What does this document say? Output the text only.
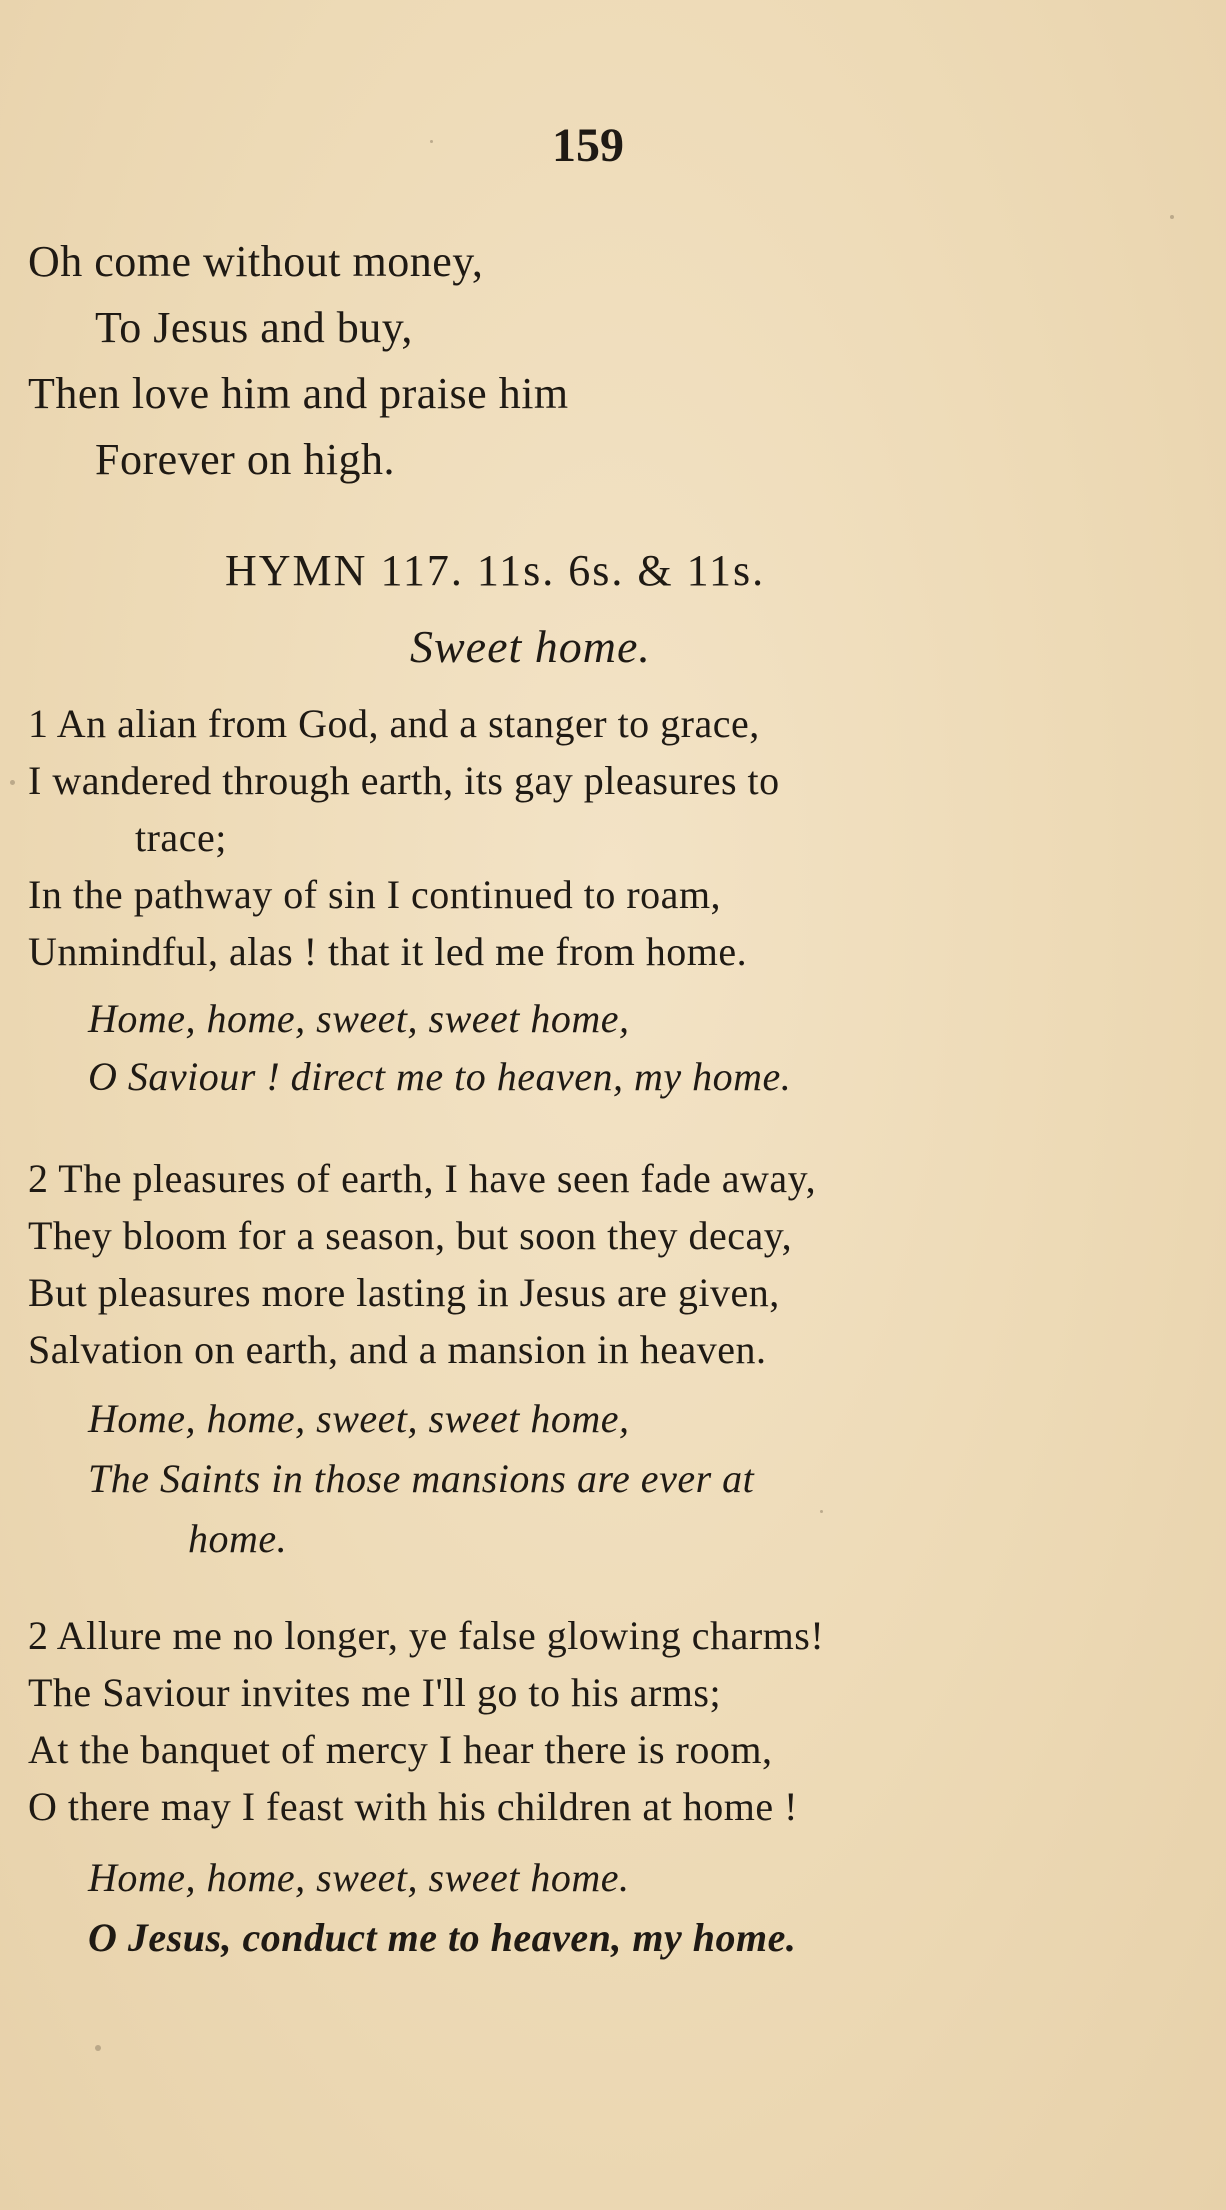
159
Oh come without money,
To Jesus and buy,
Then love him and praise him
Forever on high.
HYMN 117. 11s. 6s. & 11s.
Sweet home.
1 An alian from God, and a stanger to grace,
I wandered through earth, its gay pleasures to
trace;
In the pathway of sin I continued to roam,
Unmindful, alas ! that it led me from home.
Home, home, sweet, sweet home,
O Saviour ! direct me to heaven, my home.
2 The pleasures of earth, I have seen fade away,
They bloom for a season, but soon they decay,
But pleasures more lasting in Jesus are given,
Salvation on earth, and a mansion in heaven.
Home, home, sweet, sweet home,
The Saints in those mansions are ever at
home.
2 Allure me no longer, ye false glowing charms!
The Saviour invites me I'll go to his arms;
At the banquet of mercy I hear there is room,
O there may I feast with his children at home !
Home, home, sweet, sweet home.
O Jesus, conduct me to heaven, my home.
